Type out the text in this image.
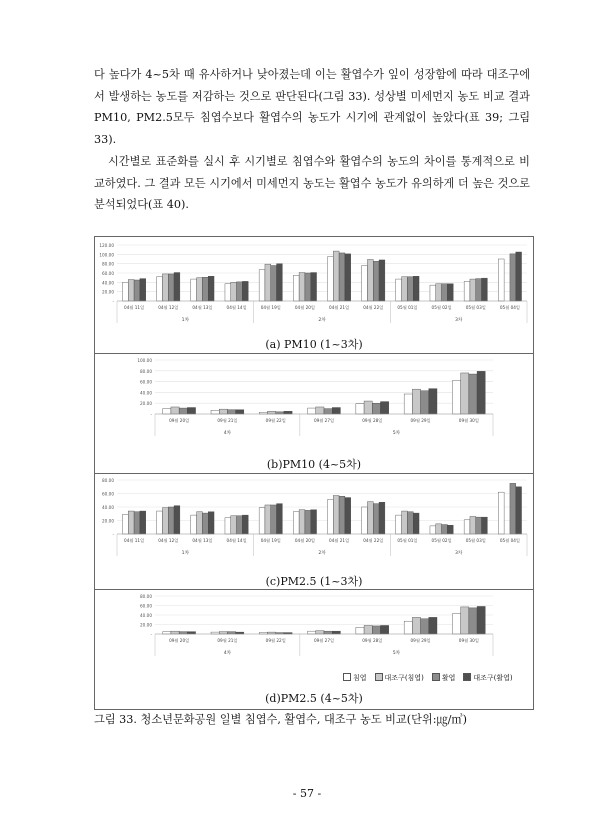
다 높다가 4~5차 때 유사하거나 낮아졌는데 이는 활엽수가 잎이 성장함에 따라 대조구에서 발생하는 농도를 저감하는 것으로 판단된다(그림 33). 성상별 미세먼지 농도 비교 결과 PM10, PM2.5모두 침엽수보다 활엽수의 농도가 시기에 관계없이 높았다(표 39; 그림 33).

시간별로 표준화를 실시 후 시기별로 침엽수와 활엽수의 농도의 차이를 통계적으로 비교하였다. 그 결과 모든 시기에서 미세먼지 농도는 활엽수 농도가 유의하게 더 높은 것으로 분석되었다(표 40).

-
20.00
40.00
60.00
80.00
100.00
120.00
04월 11일	04월 12일	04월 13일	04월 14일	04월 19일	04월 20일	04월 21일	04월 22일	05월 01일	05월 02일	05월 03일	05월 04일
1차	2차	3차
(a) PM10 (1~3차)
-
20.00
40.00
60.00
80.00
100.00
09월 20일	09월 21일	09월 22일	09월 27일	09월 28일	09월 29일	09월 30일
4차	5차
(b)PM10 (4~5차)
-
20.00
40.00
60.00
80.00
04월 11일	04월 12일	04월 13일	04월 14일	04월 19일	04월 20일	04월 21일	04월 22일	05월 01일	05월 02일	05월 03일	05월 04일
1차	2차	3차
(c)PM2.5 (1~3차)
-
20.00
40.00
60.00
80.00
09월 20일	09월 21일	09월 22일	09월 27일	09월 28일	09월 29일	09월 30일
4차	5차
침엽	대조구(침엽)	활엽	대조구(활엽)
(d)PM2.5 (4~5차)
그림 33. 청소년문화공원 일별 침엽수, 활엽수, 대조구 농도 비교(단위:㎍/㎥)
- 57 -
